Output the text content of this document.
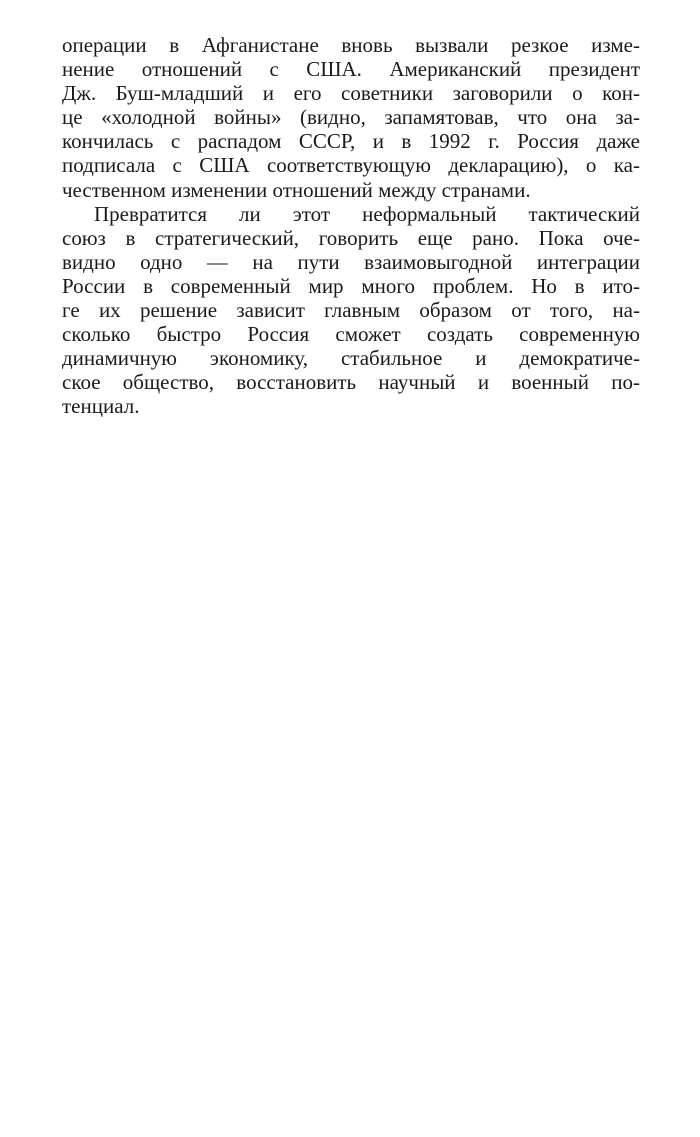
операции в Афганистане вновь вызвали резкое изме-
нение отношений с США. Американский президент
Дж. Буш-младший и его советники заговорили о кон-
це «холодной войны» (видно, запамятовав, что она за-
кончилась с распадом СССР, и в 1992 г. Россия даже
подписала с США соответствующую декларацию), о ка-
чественном изменении отношений между странами.
Превратится ли этот неформальный тактический
союз в стратегический, говорить еще рано. Пока оче-
видно одно — на пути взаимовыгодной интеграции
России в современный мир много проблем. Но в ито-
ге их решение зависит главным образом от того, на-
сколько быстро Россия сможет создать современную
динамичную экономику, стабильное и демократиче-
ское общество, восстановить научный и военный по-
тенциал.
